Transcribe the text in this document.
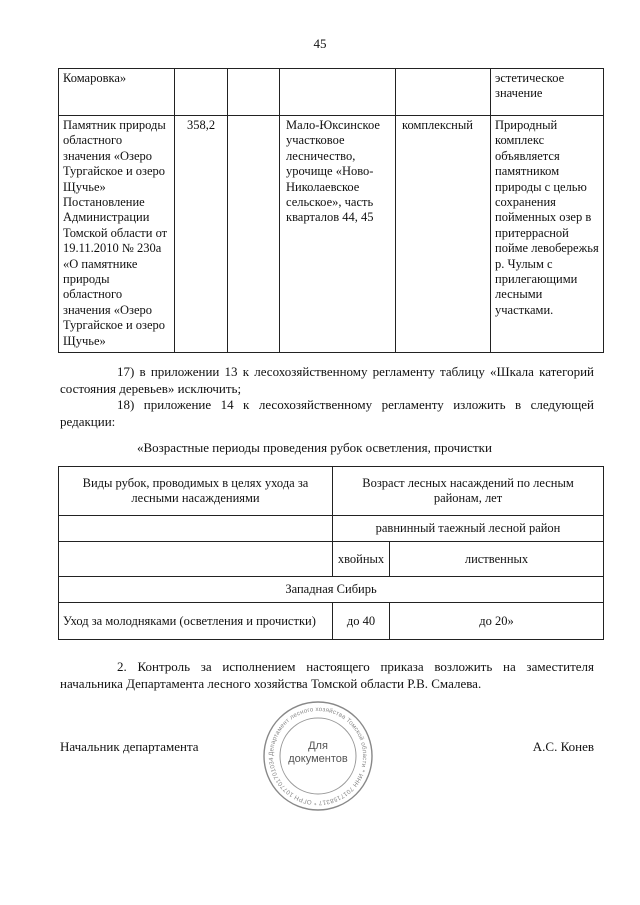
45
Комаровка»					эстетическое значение
Памятник природы областного значения «Озеро Тургайское и озеро Щучье» Постановление Администрации Томской области от 19.11.2010 № 230а «О памятнике природы областного значения «Озеро Тургайское и озеро Щучье»	358,2		Мало-Юксинское участковое лесничество, урочище «Ново-Николаевское сельское», часть кварталов 44, 45	комплексный	Природный комплекс объявляется памятником природы с целью сохранения пойменных озер в притеррасной пойме левобережья р. Чулым с прилегающими лесными участками.
17) в приложении 13 к лесохозяйственному регламенту таблицу «Шкала категорий состояния деревьев» исключить;
18) приложение 14 к лесохозяйственному регламенту изложить в следующей редакции:
«Возрастные периоды проведения рубок осветления, прочистки
Виды рубок, проводимых в целях ухода за лесными насаждениями	Возраст лесных насаждений по лесным районам, лет	
	равнинный таежный лесной район	
	хвойных	лиственных
Западная Сибирь		
Уход за молодняками (осветления и прочистки)	до 40	до 20»
2. Контроль за исполнением настоящего приказа возложить на заместителя начальника Департамента лесного хозяйства Томской области Р.В. Смалева.
Начальник департамента	А.С. Конев
Департамент лесного хозяйства Томской области * ИНН 7017158317 * ОГРН 107701701034
Для
документов
